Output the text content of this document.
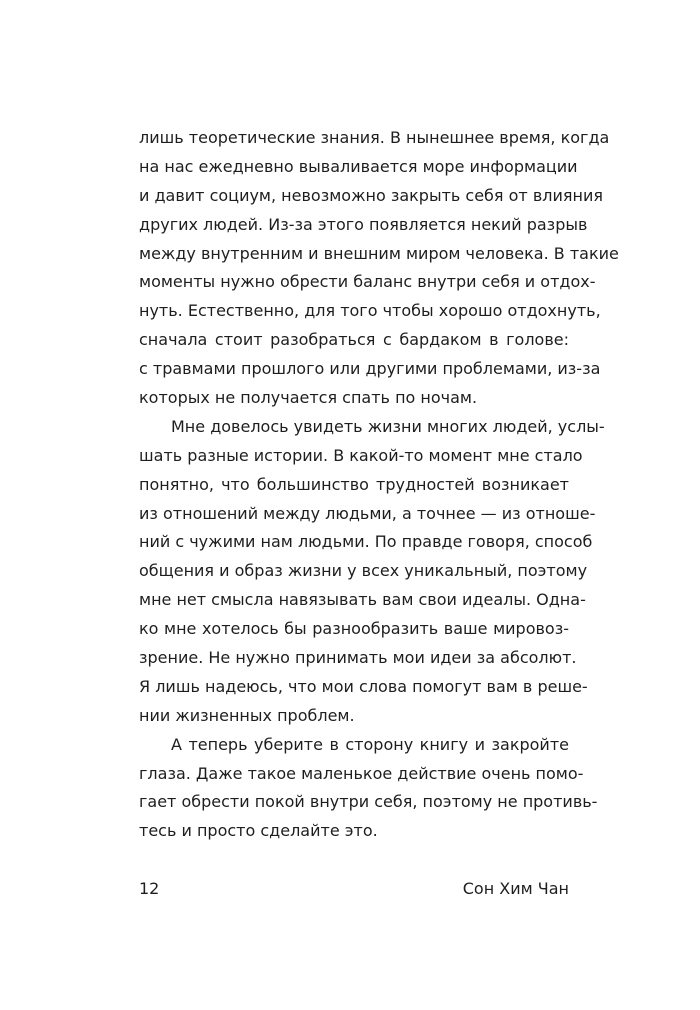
лишь теоретические знания. В нынешнее время, когда
на нас ежедневно вываливается море информации
и давит социум, невозможно закрыть себя от влияния
других людей. Из-за этого появляется некий разрыв
между внутренним и внешним миром человека. В такие
моменты нужно обрести баланс внутри себя и отдох-
нуть. Естественно, для того чтобы хорошо отдохнуть,
сначала стоит разобраться с бардаком в голове:
с травмами прошлого или другими проблемами, из-за
которых не получается спать по ночам.
Мне довелось увидеть жизни многих людей, услы-
шать разные истории. В какой-то момент мне стало
понятно, что большинство трудностей возникает
из отношений между людьми, а точнее — из отноше-
ний с чужими нам людьми. По правде говоря, способ
общения и образ жизни у всех уникальный, поэтому
мне нет смысла навязывать вам свои идеалы. Одна-
ко мне хотелось бы разнообразить ваше мировоз-
зрение. Не нужно принимать мои идеи за абсолют.
Я лишь надеюсь, что мои слова помогут вам в реше-
нии жизненных проблем.
А теперь уберите в сторону книгу и закройте
глаза. Даже такое маленькое действие очень помо-
гает обрести покой внутри себя, поэтому не противь-
тесь и просто сделайте это.
12	Сон Хим Чан
